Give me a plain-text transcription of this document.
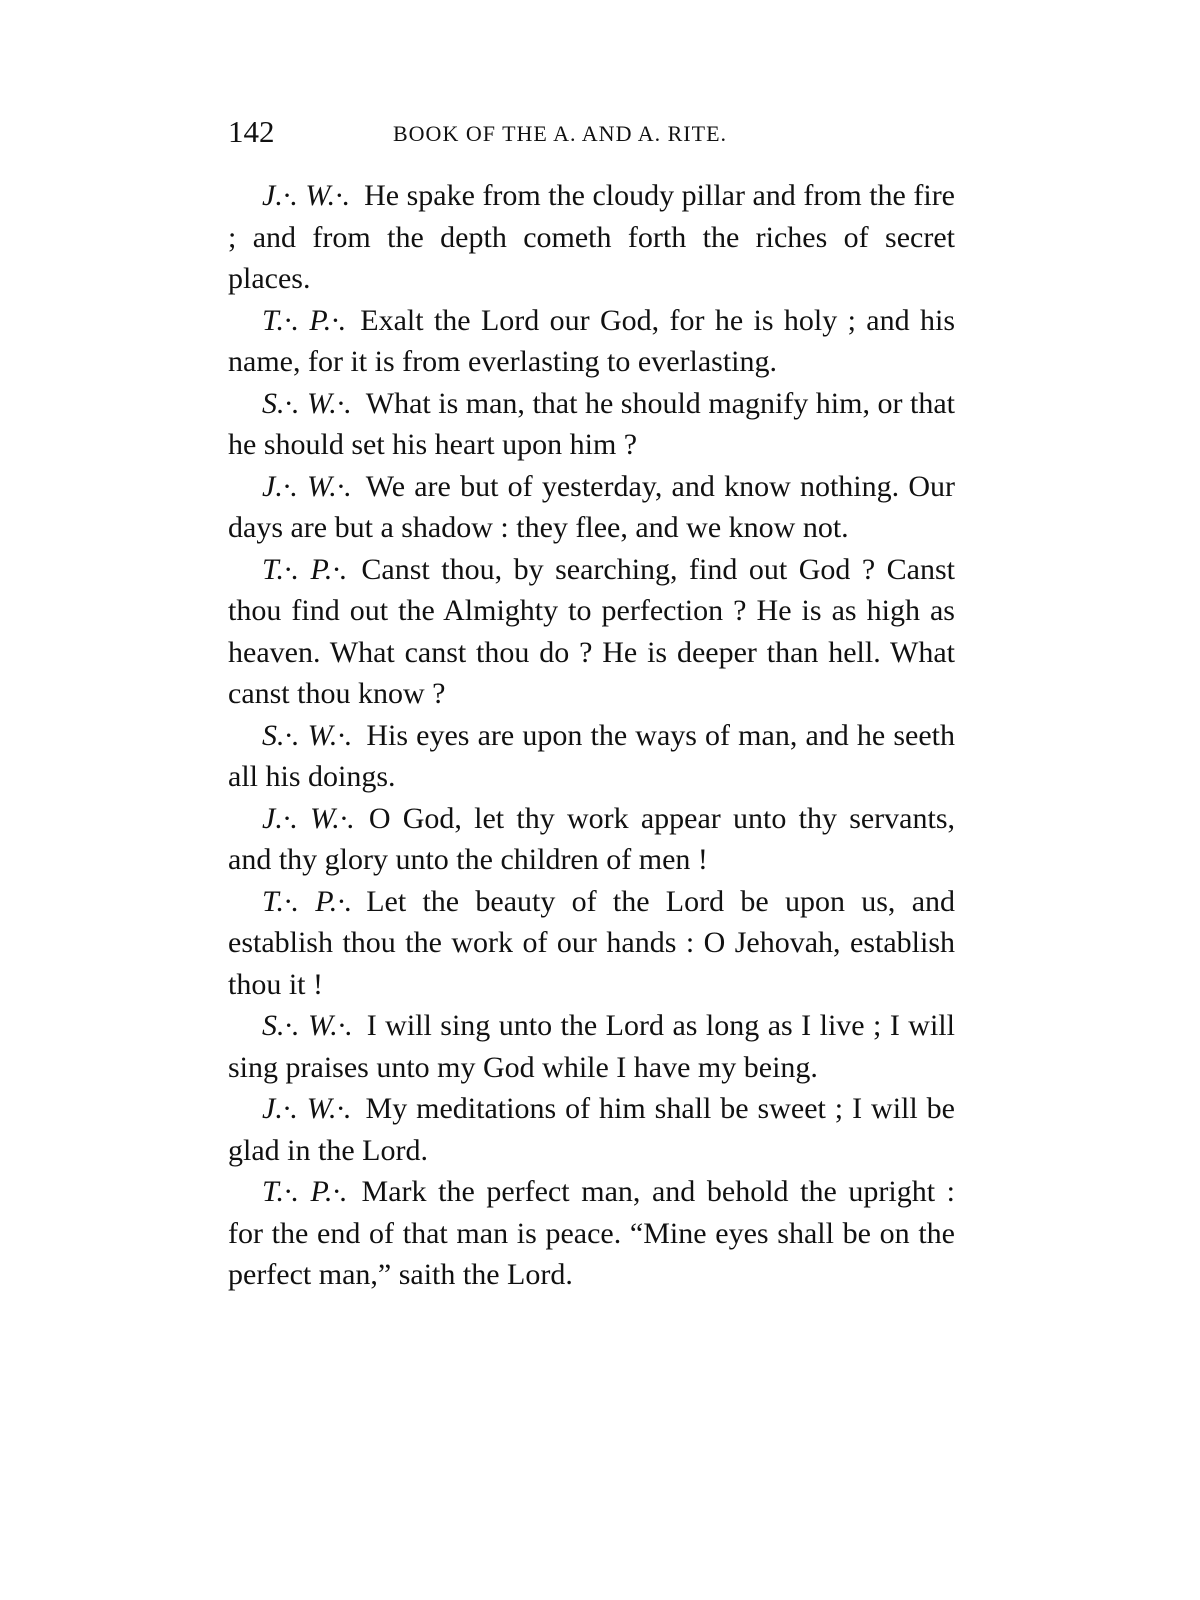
142	BOOK OF THE A. AND A. RITE.

J.·. W.·. He spake from the cloudy pillar and from the fire ; and from the depth cometh forth the riches of secret places.

T.·. P.·. Exalt the Lord our God, for he is holy ; and his name, for it is from everlasting to everlasting.

S.·. W.·. What is man, that he should magnify him, or that he should set his heart upon him ?

J.·. W.·. We are but of yesterday, and know nothing. Our days are but a shadow : they flee, and we know not.

T.·. P.·. Canst thou, by searching, find out God ? Canst thou find out the Almighty to perfection ? He is as high as heaven. What canst thou do ? He is deeper than hell. What canst thou know ?

S.·. W.·. His eyes are upon the ways of man, and he seeth all his doings.

J.·. W.·. O God, let thy work appear unto thy servants, and thy glory unto the children of men !

T.·. P.·. Let the beauty of the Lord be upon us, and establish thou the work of our hands : O Jehovah, establish thou it !

S.·. W.·. I will sing unto the Lord as long as I live ; I will sing praises unto my God while I have my being.

J.·. W.·. My meditations of him shall be sweet ; I will be glad in the Lord.

T.·. P.·. Mark the perfect man, and behold the upright : for the end of that man is peace. “Mine eyes shall be on the perfect man,” saith the Lord.
